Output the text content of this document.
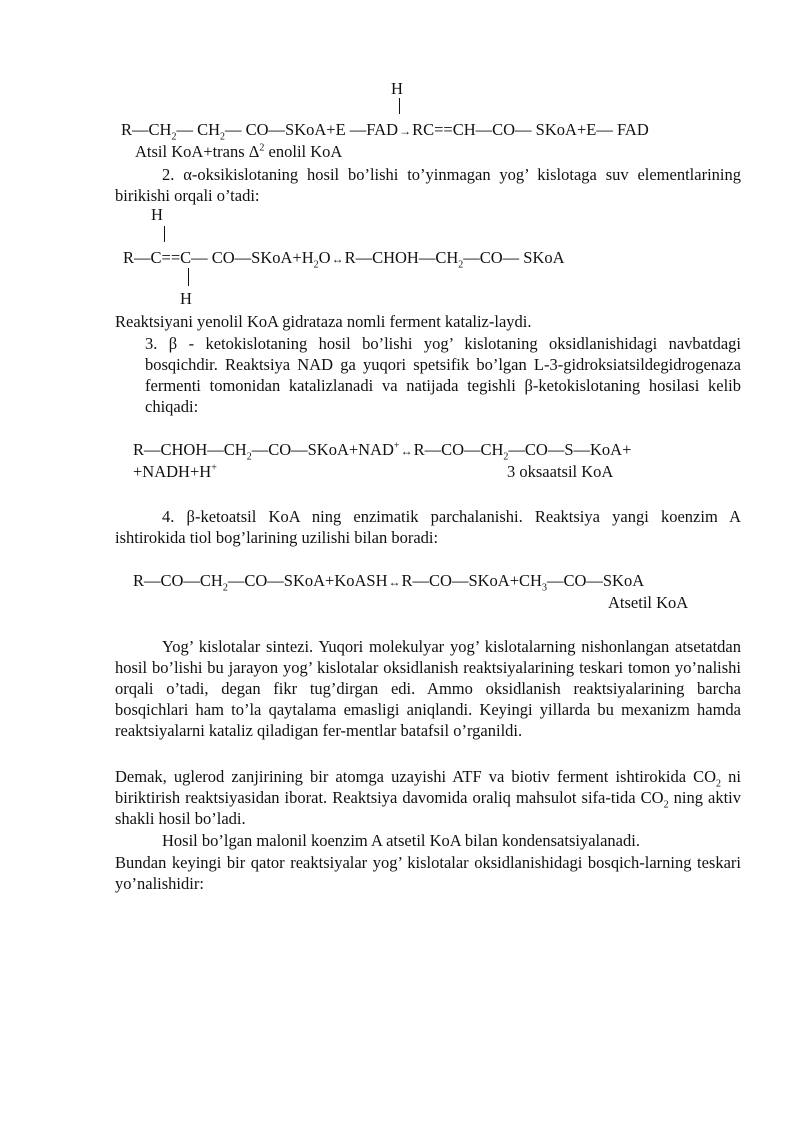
H
$R—CH_2—$ $CH_2—$ CO—SKoA+E —FAD→RC==CH—CO— SKoA+E— FAD
Atsil KoA+trans $\Delta^2$ enolil KoA
2. α-oksikislotaning hosil bo’lishi to’yinmagan yog’ kislotaga suv elementlarining birikishi orqali o’tadi:
H
R—C==C— $CO—SKoA+H_2O\leftrightarrow R—CHOH—CH_2—CO—$ SKoA
H
Reaktsiyani yenolil KoA gidrataza nomli ferment kataliz-laydi.
3. β - ketokislotaning hosil bo’lishi yog’ kislotaning oksidlanishidagi navbatdagi bosqichdir. Reaktsiya NAD ga yuqori spetsifik bo’lgan L-3-gidroksiatsildegidrogenaza fermenti tomonidan katalizlanadi va natijada tegishli β-ketokislotaning hosilasi kelib chiqadi:
$R—CHOH—CH_2—CO—SKoA+NAD^+\leftrightarrow R—CO—CH_2—CO—S—KoA+$
+NADH+H+	3 oksaatsil KoA
4. β-ketoatsil KoA ning enzimatik parchalanishi. Reaktsiya yangi koenzim A ishtirokida tiol bog’larining uzilishi bilan boradi:
$R—CO—CH_2—CO—SKoA+KoASH\leftrightarrow R—CO—SKoA+CH_3—CO—SKoA$
Atsetil KoA
Yog’ kislotalar sintezi. Yuqori molekulyar yog’ kislotalarning nishonlangan atsetatdan hosil bo’lishi bu jarayon yog’ kislotalar oksidlanish reaktsiyalarining teskari tomon yo’nalishi orqali o’tadi, degan fikr tug’dirgan edi. Ammo oksidlanish reaktsiyalarining barcha bosqichlari ham to’la qaytalama emasligi aniqlandi. Keyingi yillarda bu mexanizm hamda reaktsiyalarni kataliz qiladigan fer-mentlar batafsil o’rganildi.
Demak, uglerod zanjirining bir atomga uzayishi ATF va biotiv ferment ishtirokida $CO_2$ ni biriktirish reaktsiyasidan iborat. Reaktsiya davomida oraliq mahsulot sifa-tida $CO_2$ ning aktiv shakli hosil bo’ladi.
Hosil bo’lgan malonil koenzim A atsetil KoA bilan kondensatsiyalanadi.
Bundan keyingi bir qator reaktsiyalar yog’ kislotalar oksidlanishidagi bosqich-larning teskari yo’nalishidir:
